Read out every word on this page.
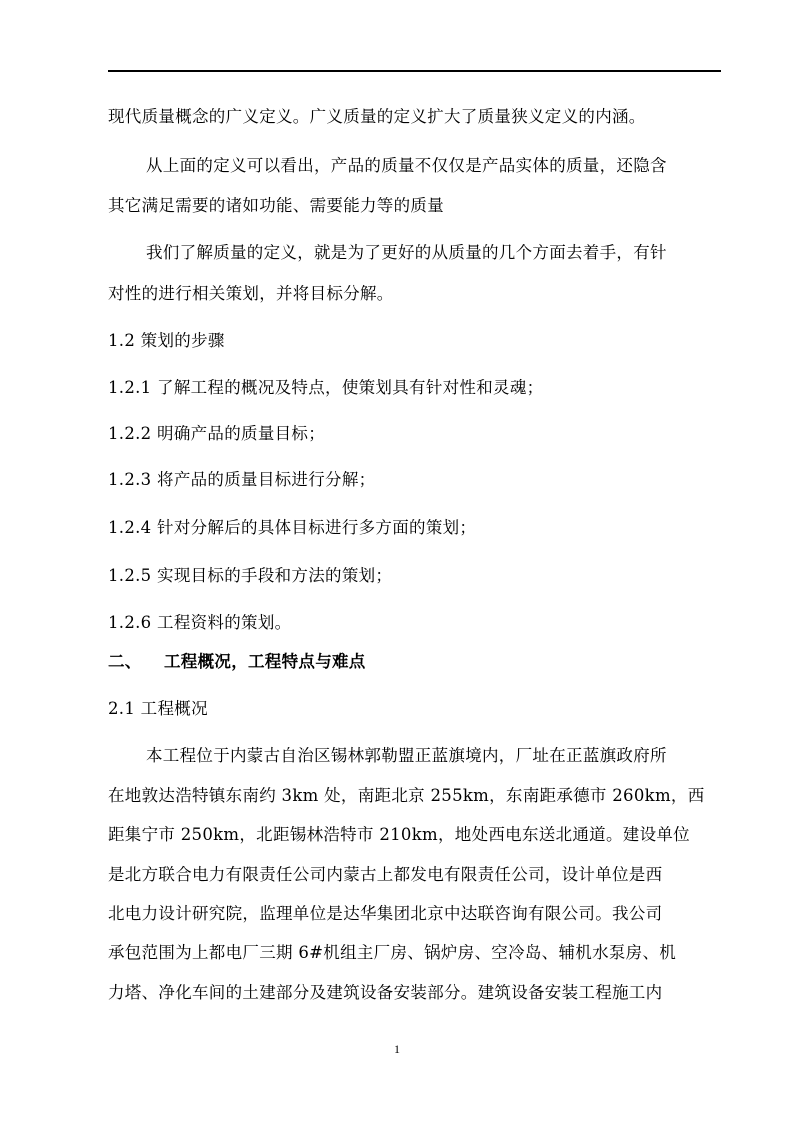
现代质量概念的广义定义。广义质量的定义扩大了质量狭义定义的内涵。
从上面的定义可以看出，产品的质量不仅仅是产品实体的质量，还隐含
其它满足需要的诸如功能、需要能力等的质量
我们了解质量的定义，就是为了更好的从质量的几个方面去着手，有针
对性的进行相关策划，并将目标分解。
1.2 策划的步骤
1.2.1 了解工程的概况及特点，使策划具有针对性和灵魂；
1.2.2 明确产品的质量目标；
1.2.3 将产品的质量目标进行分解；
1.2.4 针对分解后的具体目标进行多方面的策划；
1.2.5 实现目标的手段和方法的策划；
1.2.6 工程资料的策划。
二、 工程概况，工程特点与难点
2.1 工程概况
本工程位于内蒙古自治区锡林郭勒盟正蓝旗境内，厂址在正蓝旗政府所
在地敦达浩特镇东南约 3km 处，南距北京 255km，东南距承德市 260km，西
距集宁市 250km，北距锡林浩特市 210km，地处西电东送北通道。建设单位
是北方联合电力有限责任公司内蒙古上都发电有限责任公司，设计单位是西
北电力设计研究院，监理单位是达华集团北京中达联咨询有限公司。我公司
承包范围为上都电厂三期 6#机组主厂房、锅炉房、空冷岛、辅机水泵房、机
力塔、净化车间的土建部分及建筑设备安装部分。建筑设备安装工程施工内
1
